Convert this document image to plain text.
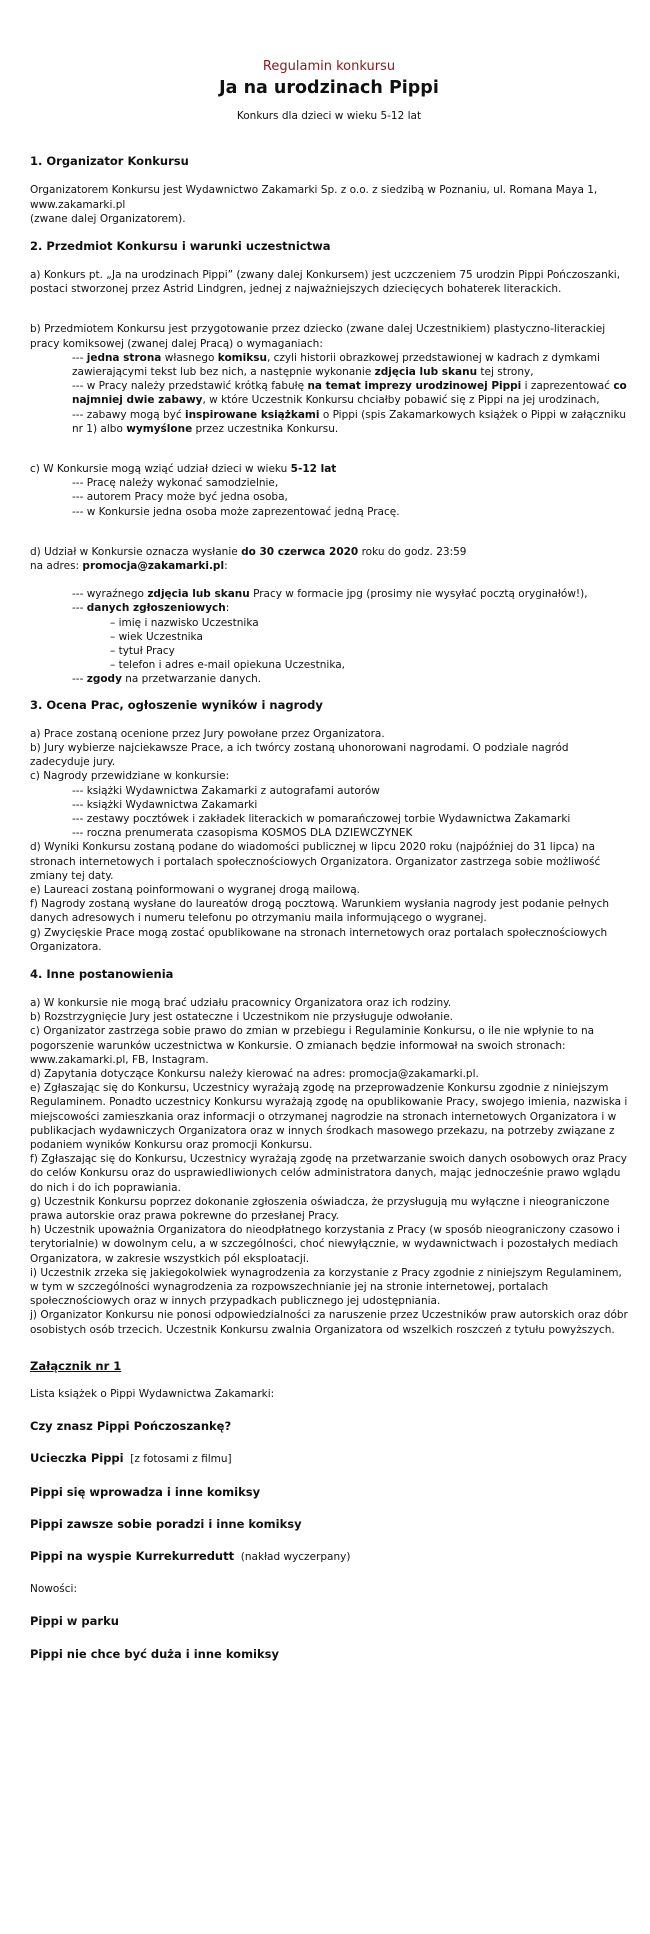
Regulamin konkursu
Ja na urodzinach Pippi
Konkurs dla dzieci w wieku 5-12 lat
1. Organizator Konkursu

Organizatorem Konkursu jest Wydawnictwo Zakamarki Sp. z o.o. z siedzibą w Poznaniu, ul. Romana Maya 1,

www.zakamarki.pl

(zwane dalej Organizatorem).

2. Przedmiot Konkursu i warunki uczestnictwa

a) Konkurs pt. „Ja na urodzinach Pippi” (zwany dalej Konkursem) jest uczczeniem 75 urodzin Pippi Pończoszanki, postaci stworzonej przez Astrid Lindgren, jednej z najważniejszych dziecięcych bohaterek literackich.

b) Przedmiotem Konkursu jest przygotowanie przez dziecko (zwane dalej Uczestnikiem) plastyczno-literackiej pracy komiksowej (zwanej dalej Pracą) o wymaganiach:

--- jedna strona własnego komiksu, czyli historii obrazkowej przedstawionej w kadrach z dymkami zawierającymi tekst lub bez nich, a następnie wykonanie zdjęcia lub skanu tej strony,

--- w Pracy należy przedstawić krótką fabułę na temat imprezy urodzinowej Pippi i zaprezentować co najmniej dwie zabawy, w które Uczestnik Konkursu chciałby pobawić się z Pippi na jej urodzinach,

--- zabawy mogą być inspirowane książkami o Pippi (spis Zakamarkowych książek o Pippi w załączniku nr 1) albo wymyślone przez uczestnika Konkursu.

c) W Konkursie mogą wziąć udział dzieci w wieku 5-12 lat

--- Pracę należy wykonać samodzielnie,

--- autorem Pracy może być jedna osoba,

--- w Konkursie jedna osoba może zaprezentować jedną Pracę.

d) Udział w Konkursie oznacza wysłanie do 30 czerwca 2020 roku do godz. 23:59

na adres: promocja@zakamarki.pl:

--- wyraźnego zdjęcia lub skanu Pracy w formacie jpg (prosimy nie wysyłać pocztą oryginałów!),

--- danych zgłoszeniowych:

– imię i nazwisko Uczestnika

– wiek Uczestnika

– tytuł Pracy

– telefon i adres e-mail opiekuna Uczestnika,

--- zgody na przetwarzanie danych.

3. Ocena Prac, ogłoszenie wyników i nagrody

a) Prace zostaną ocenione przez Jury powołane przez Organizatora.

b) Jury wybierze najciekawsze Prace, a ich twórcy zostaną uhonorowani nagrodami. O podziale nagród zadecyduje jury.

c) Nagrody przewidziane w konkursie:

--- książki Wydawnictwa Zakamarki z autografami autorów

--- książki Wydawnictwa Zakamarki

--- zestawy pocztówek i zakładek literackich w pomarańczowej torbie Wydawnictwa Zakamarki

--- roczna prenumerata czasopisma KOSMOS DLA DZIEWCZYNEK

d) Wyniki Konkursu zostaną podane do wiadomości publicznej w lipcu 2020 roku (najpóźniej do 31 lipca) na stronach internetowych i portalach społecznościowych Organizatora. Organizator zastrzega sobie możliwość zmiany tej daty.

e) Laureaci zostaną poinformowani o wygranej drogą mailową.

f) Nagrody zostaną wysłane do laureatów drogą pocztową. Warunkiem wysłania nagrody jest podanie pełnych danych adresowych i numeru telefonu po otrzymaniu maila informującego o wygranej.

g) Zwycięskie Prace mogą zostać opublikowane na stronach internetowych oraz portalach społecznościowych Organizatora.

4. Inne postanowienia

a) W konkursie nie mogą brać udziału pracownicy Organizatora oraz ich rodziny.

b) Rozstrzygnięcie Jury jest ostateczne i Uczestnikom nie przysługuje odwołanie.

c) Organizator zastrzega sobie prawo do zmian w przebiegu i Regulaminie Konkursu, o ile nie wpłynie to na pogorszenie warunków uczestnictwa w Konkursie. O zmianach będzie informował na swoich stronach: www.zakamarki.pl, FB, Instagram.

d) Zapytania dotyczące Konkursu należy kierować na adres: promocja@zakamarki.pl.

e) Zgłaszając się do Konkursu, Uczestnicy wyrażają zgodę na przeprowadzenie Konkursu zgodnie z niniejszym Regulaminem. Ponadto uczestnicy Konkursu wyrażają zgodę na opublikowanie Pracy, swojego imienia, nazwiska i miejscowości zamieszkania oraz informacji o otrzymanej nagrodzie na stronach internetowych Organizatora i w publikacjach wydawniczych Organizatora oraz w innych środkach masowego przekazu, na potrzeby związane z podaniem wyników Konkursu oraz promocji Konkursu.

f) Zgłaszając się do Konkursu, Uczestnicy wyrażają zgodę na przetwarzanie swoich danych osobowych oraz Pracy do celów Konkursu oraz do usprawiedliwionych celów administratora danych, mając jednocześnie prawo wglądu do nich i do ich poprawiania.

g) Uczestnik Konkursu poprzez dokonanie zgłoszenia oświadcza, że przysługują mu wyłączne i nieograniczone prawa autorskie oraz prawa pokrewne do przesłanej Pracy.

h) Uczestnik upoważnia Organizatora do nieodpłatnego korzystania z Pracy (w sposób nieograniczony czasowo i terytorialnie) w dowolnym celu, a w szczególności, choć niewyłącznie, w wydawnictwach i pozostałych mediach Organizatora, w zakresie wszystkich pól eksploatacji.

i) Uczestnik zrzeka się jakiegokolwiek wynagrodzenia za korzystanie z Pracy zgodnie z niniejszym Regulaminem, w tym w szczególności wynagrodzenia za rozpowszechnianie jej na stronie internetowej, portalach społecznościowych oraz w innych przypadkach publicznego jej udostępniania.

j) Organizator Konkursu nie ponosi odpowiedzialności za naruszenie przez Uczestników praw autorskich oraz dóbr osobistych osób trzecich. Uczestnik Konkursu zwalnia Organizatora od wszelkich roszczeń z tytułu powyższych.

Załącznik nr 1

Lista książek o Pippi Wydawnictwa Zakamarki:

Czy znasz Pippi Pończoszankę?

Ucieczka Pippi [z fotosami z filmu]

Pippi się wprowadza i inne komiksy

Pippi zawsze sobie poradzi i inne komiksy

Pippi na wyspie Kurrekurredutt (nakład wyczerpany)

Nowości:

Pippi w parku

Pippi nie chce być duża i inne komiksy
